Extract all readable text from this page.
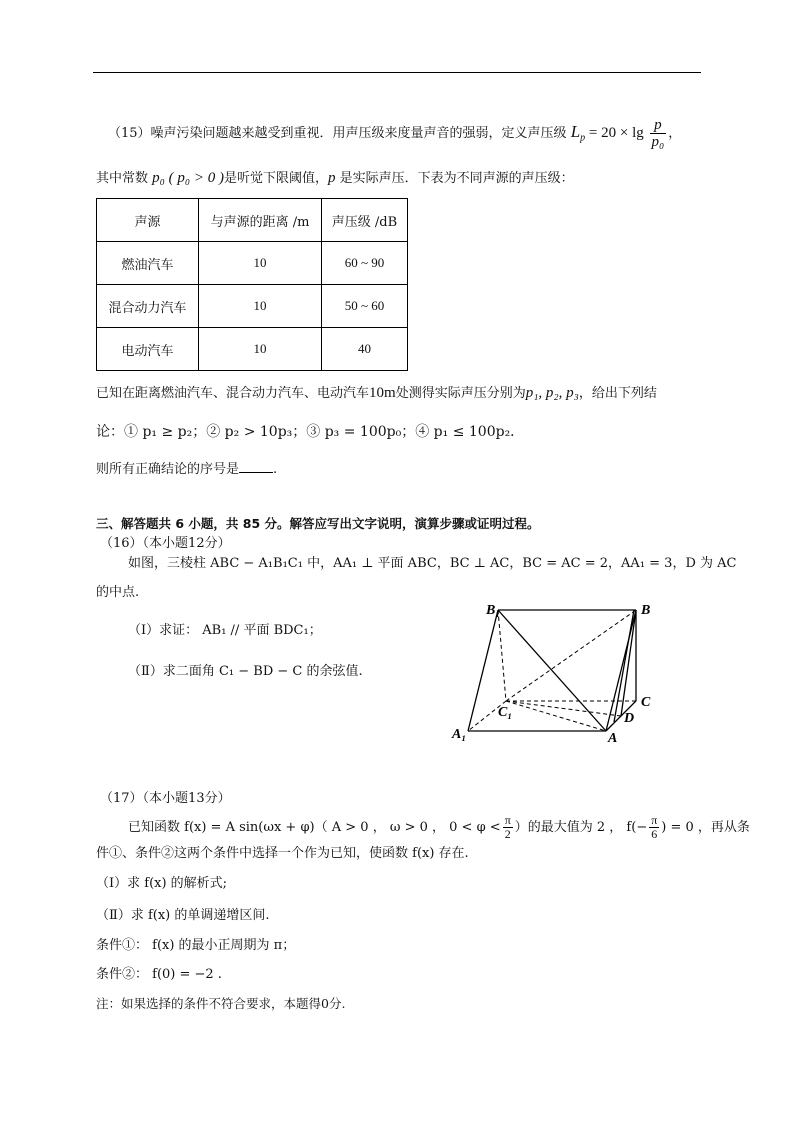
（15）噪声污染问题越来越受到重视．用声压级来度量声音的强弱，定义声压级 $L_p = 20 \times \lg \frac{p}{\text{p₀}}$ ，
其中常数 p₀ ( p₀ > 0 )是听觉下限阈值，p 是实际声压．下表为不同声源的声压级：
声源	与声源的距离 /m	声压级 /dB
燃油汽车	10	60 ~ 90
混合动力汽车	10	50 ~ 60
电动汽车	10	40
已知在距离燃油汽车、混合动力汽车、电动汽车10m处测得实际声压分别为p₁, p₂, p₃，给出下列结
论：① p₁ ≥ p₂；② p₂ > 10p₃；③ p₃ = 100p₀；④ p₁ ≤ 100p₂．
则所有正确结论的序号是	.
三、解答题共 6 小题，共 85 分。解答应写出文字说明，演算步骤或证明过程。
（16）（本小题12分）
如图，三棱柱 ABC − A₁B₁C₁ 中，AA₁ ⊥ 平面 ABC，BC ⊥ AC，BC = AC = 2，AA₁ = 3，D 为 AC
的中点.
（Ⅰ）求证： AB₁ // 平面 BDC₁；
（Ⅱ）求二面角 C₁ − BD − C 的余弦值.
B₁	B
C
C₁	D
A₁	A
（17）（本小题13分）
已知函数 f(x) = A sin(ωx + φ)（ A > 0 ， ω > 0 ， $0 < \varphi < \frac{\pi}{2}$ ）的最大值为 2 ， $f(- \frac{\pi}{6}$ ) = 0 ，再从条
件①、条件②这两个条件中选择一个作为已知，使函数 f(x) 存在.
（Ⅰ）求 f(x) 的解析式;
（Ⅱ）求 f(x) 的单调递增区间.
条件①： f(x) 的最小正周期为 π；
条件②： f(0) = −2 .
注：如果选择的条件不符合要求，本题得0分.
